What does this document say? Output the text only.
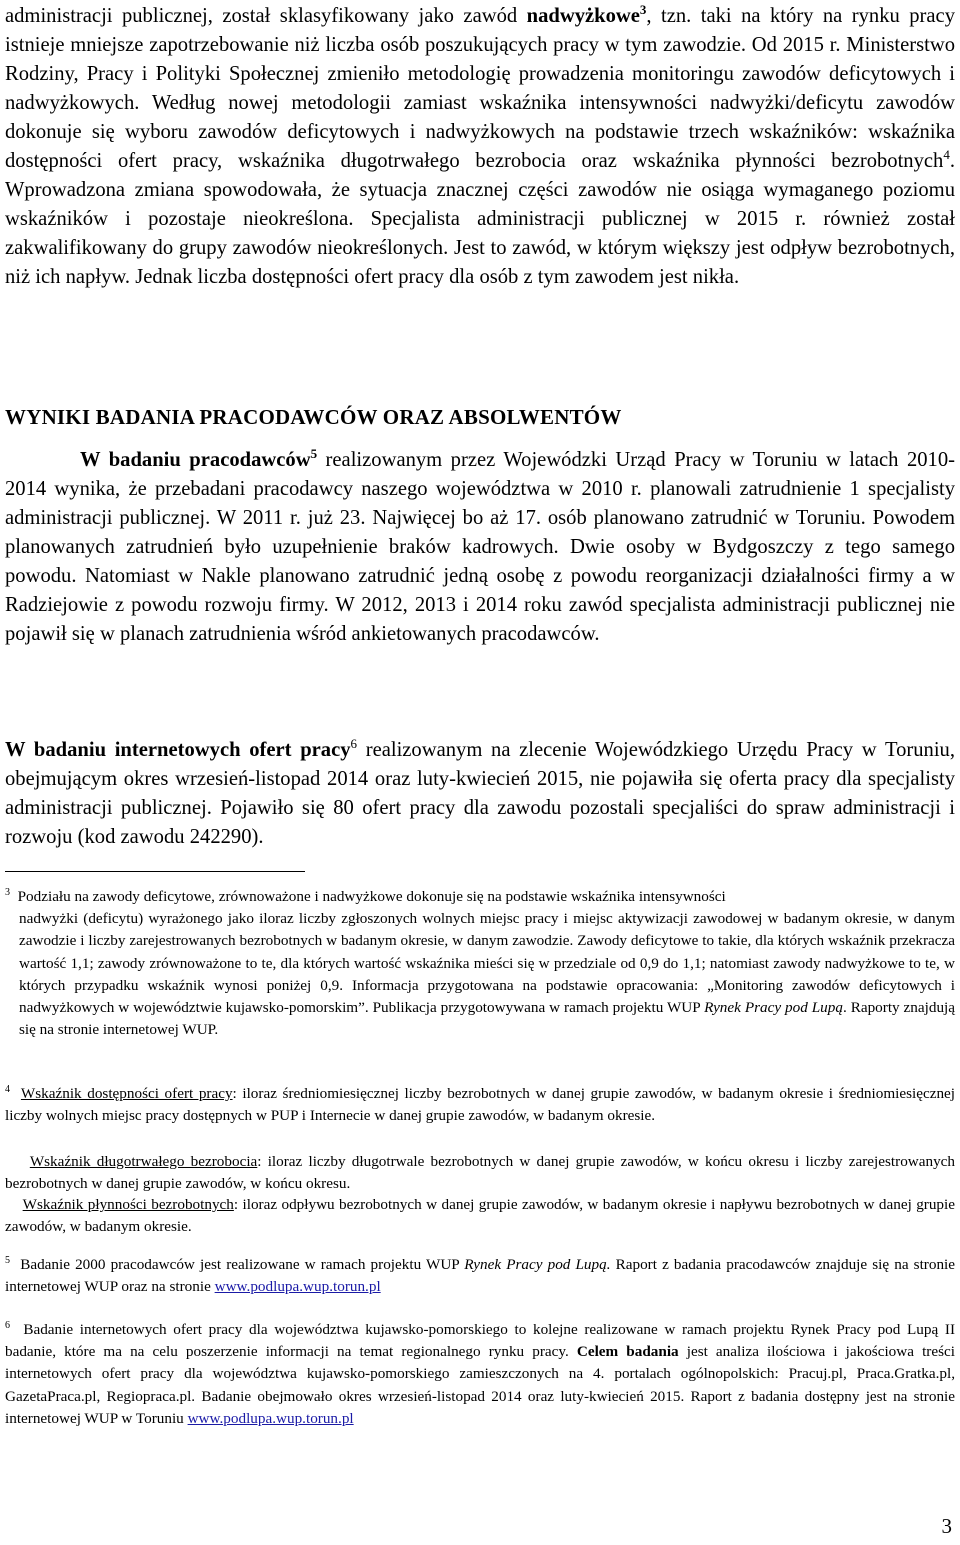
administracji publicznej, został sklasyfikowany jako zawód nadwyżkowe$^3$, tzn. taki na który na rynku pracy istnieje mniejsze zapotrzebowanie niż liczba osób poszukujących pracy w tym zawodzie. Od 2015 r. Ministerstwo Rodziny, Pracy i Polityki Społecznej zmieniło metodologię prowadzenia monitoringu zawodów deficytowych i nadwyżkowych. Według nowej metodologii zamiast wskaźnika intensywności nadwyżki/deficytu zawodów dokonuje się wyboru zawodów deficytowych i nadwyżkowych na podstawie trzech wskaźników: wskaźnika dostępności ofert pracy, wskaźnika długotrwałego bezrobocia oraz wskaźnika płynności bezrobotnych$^4$. Wprowadzona zmiana spowodowała, że sytuacja znacznej części zawodów nie osiąga wymaganego poziomu wskaźników i pozostaje nieokreślona. Specjalista administracji publicznej w 2015 r. również został zakwalifikowany do grupy zawodów nieokreślonych. Jest to zawód, w którym większy jest odpływ bezrobotnych, niż ich napływ. Jednak liczba dostępności ofert pracy dla osób z tym zawodem jest nikła.

WYNIKI BADANIA PRACODAWCÓW ORAZ ABSOLWENTÓW

W badaniu pracodawców$^5$ realizowanym przez Wojewódzki Urząd Pracy w Toruniu w latach 2010-2014 wynika, że przebadani pracodawcy naszego województwa w 2010 r. planowali zatrudnienie 1 specjalisty administracji publicznej. W 2011 r. już 23. Najwięcej bo aż 17. osób planowano zatrudnić w Toruniu. Powodem planowanych zatrudnień było uzupełnienie braków kadrowych. Dwie osoby w Bydgoszczy z tego samego powodu. Natomiast w Nakle planowano zatrudnić jedną osobę z powodu reorganizacji działalności firmy a w Radziejowie z powodu rozwoju firmy. W 2012, 2013 i 2014 roku zawód specjalista administracji publicznej nie pojawił się w planach zatrudnienia wśród ankietowanych pracodawców.

W badaniu internetowych ofert pracy$^6$ realizowanym na zlecenie Wojewódzkiego Urzędu Pracy w Toruniu, obejmującym okres wrzesień-listopad 2014 oraz luty-kwiecień 2015, nie pojawiła się oferta pracy dla specjalisty administracji publicznej. Pojawiło się 80 ofert pracy dla zawodu pozostali specjaliści do spraw administracji i rozwoju (kod zawodu 242290).

$^3$ Podziału na zawody deficytowe, zrównoważone i nadwyżkowe dokonuje się na podstawie wskaźnika intensywności
nadwyżki (deficytu) wyrażonego jako iloraz liczby zgłoszonych wolnych miejsc pracy i miejsc aktywizacji zawodowej w badanym okresie, w danym zawodzie i liczby zarejestrowanych bezrobotnych w badanym okresie, w danym zawodzie. Zawody deficytowe to takie, dla których wskaźnik przekracza wartość 1,1; zawody zrównoważone to te, dla których wartość wskaźnika mieści się w przedziale od 0,9 do 1,1; natomiast zawody nadwyżkowe to te, w których przypadku wskaźnik wynosi poniżej 0,9. Informacja przygotowana na podstawie opracowania: „Monitoring zawodów deficytowych i nadwyżkowych w województwie kujawsko-pomorskim”. Publikacja przygotowywana w ramach projektu WUP Rynek Pracy pod Lupą. Raporty znajdują się na stronie internetowej WUP.

$^4$ Wskaźnik dostępności ofert pracy: iloraz średniomiesięcznej liczby bezrobotnych w danej grupie zawodów, w badanym okresie i średniomiesięcznej liczby wolnych miejsc pracy dostępnych w PUP i Internecie w danej grupie zawodów, w badanym okresie.

Wskaźnik długotrwałego bezrobocia: iloraz liczby długotrwale bezrobotnych w danej grupie zawodów, w końcu okresu i liczby zarejestrowanych bezrobotnych w danej grupie zawodów, w końcu okresu.

Wskaźnik płynności bezrobotnych: iloraz odpływu bezrobotnych w danej grupie zawodów, w badanym okresie i napływu bezrobotnych w danej grupie zawodów, w badanym okresie.

$^5$ Badanie 2000 pracodawców jest realizowane w ramach projektu WUP Rynek Pracy pod Lupą. Raport z badania pracodawców znajduje się na stronie internetowej WUP oraz na stronie www.podlupa.wup.torun.pl

$^6$ Badanie internetowych ofert pracy dla województwa kujawsko-pomorskiego to kolejne realizowane w ramach projektu Rynek Pracy pod Lupą II badanie, które ma na celu poszerzenie informacji na temat regionalnego rynku pracy. Celem badania jest analiza ilościowa i jakościowa treści internetowych ofert pracy dla województwa kujawsko-pomorskiego zamieszczonych na 4. portalach ogólnopolskich: Pracuj.pl, Praca.Gratka.pl, GazetaPraca.pl, Regiopraca.pl. Badanie obejmowało okres wrzesień-listopad 2014 oraz luty-kwiecień 2015. Raport z badania dostępny jest na stronie internetowej WUP w Toruniu www.podlupa.wup.torun.pl

3
